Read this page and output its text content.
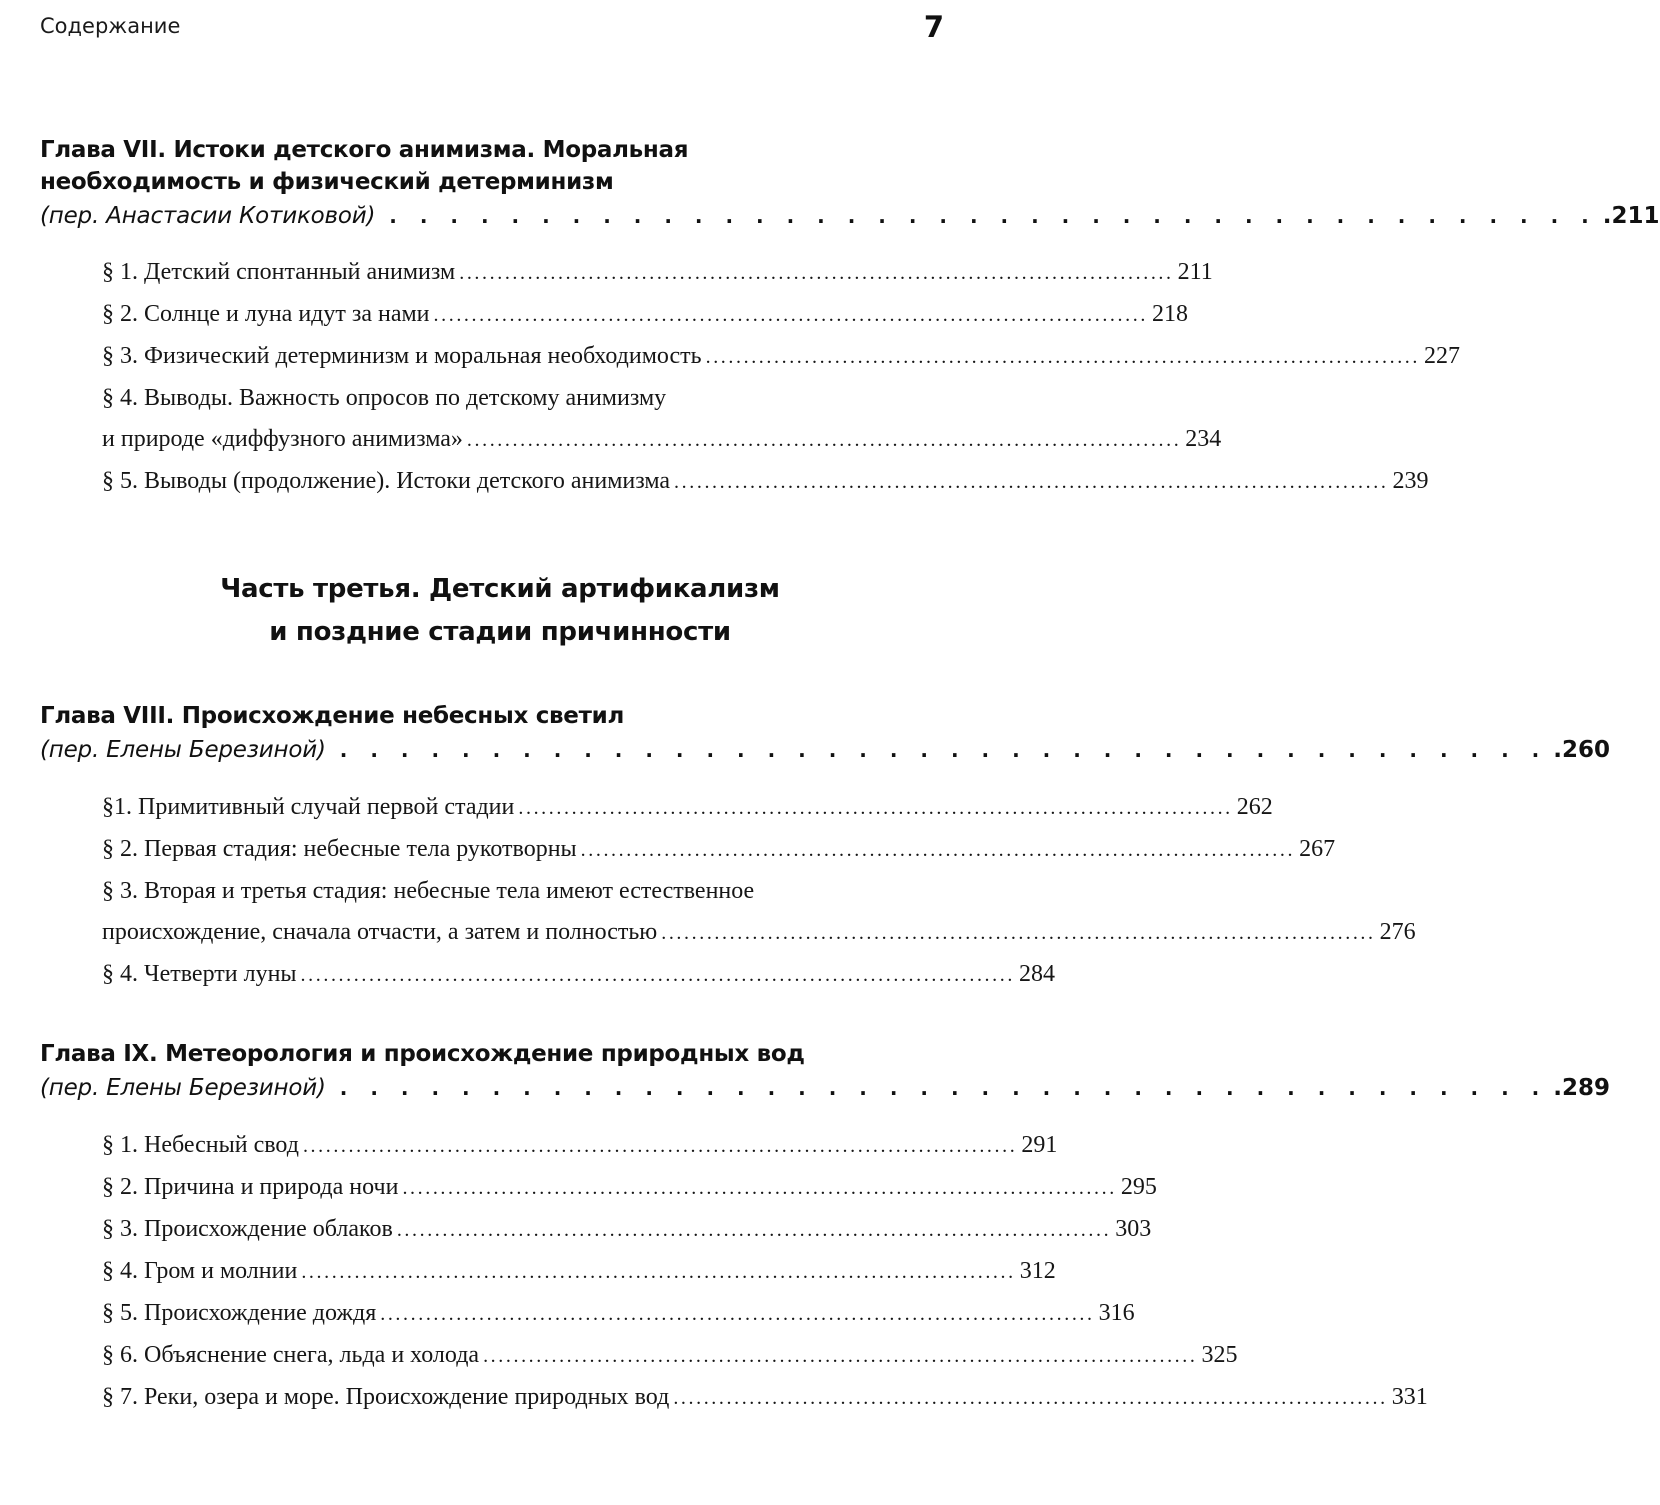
Содержание	7
Глава VII. Истоки детского анимизма. Моральная
необходимость и физический детерминизм
(пер. Анастасии Котиковой) . . . . . . . . . . . . . . . . . . . . . . . . . . . . . . . . . . . . . . . . .211
§ 1. Детский спонтанный анимизм .............................................................................................. 211
§ 2. Солнце и луна идут за нами .............................................................................................. 218
§ 3. Физический детерминизм и моральная необходимость .............................................................................................. 227
§ 4. Выводы. Важность опросов по детскому анимизму
и природе «диффузного анимизма» .............................................................................................. 234
§ 5. Выводы (продолжение). Истоки детского анимизма .............................................................................................. 239
Часть третья. Детский артификализм
и поздние стадии причинности
Глава VIII. Происхождение небесных светил
(пер. Елены Березиной) . . . . . . . . . . . . . . . . . . . . . . . . . . . . . . . . . . . . . . . . .260
§1. Примитивный случай первой стадии .............................................................................................. 262
§ 2. Первая стадия: небесные тела рукотворны .............................................................................................. 267
§ 3. Вторая и третья стадия: небесные тела имеют естественное
происхождение, сначала отчасти, а затем и полностью .............................................................................................. 276
§ 4. Четверти луны .............................................................................................. 284
Глава IX. Метеорология и происхождение природных вод
(пер. Елены Березиной) . . . . . . . . . . . . . . . . . . . . . . . . . . . . . . . . . . . . . . . . .289
§ 1. Небесный свод .............................................................................................. 291
§ 2. Причина и природа ночи .............................................................................................. 295
§ 3. Происхождение облаков .............................................................................................. 303
§ 4. Гром и молнии .............................................................................................. 312
§ 5. Происхождение дождя .............................................................................................. 316
§ 6. Объяснение снега, льда и холода .............................................................................................. 325
§ 7. Реки, озера и море. Происхождение природных вод .............................................................................................. 331
